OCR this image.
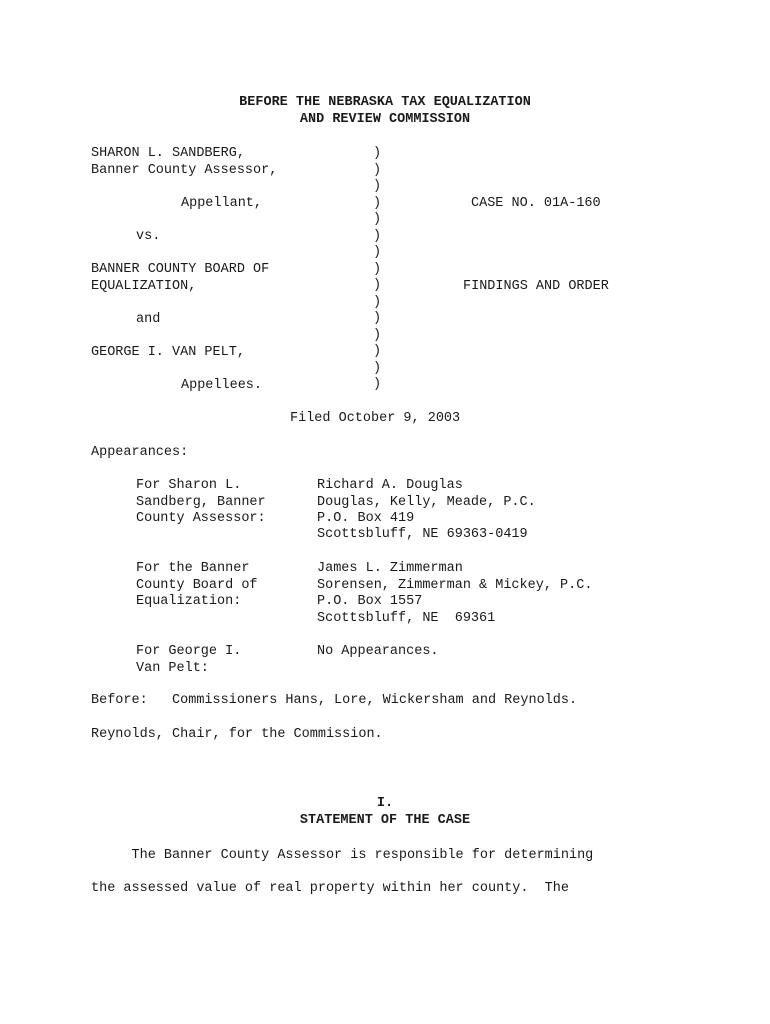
BEFORE THE NEBRASKA TAX EQUALIZATION
AND REVIEW COMMISSION
SHARON L. SANDBERG,
Banner County Assessor,
Appellant,
vs.
BANNER COUNTY BOARD OF
EQUALIZATION,
and
GEORGE I. VAN PELT,
Appellees.
)
)
)
)
)
)
)
)
)
)
)
)
)
)
)
CASE NO. 01A-160
FINDINGS AND ORDER
Filed October 9, 2003
Appearances:
For Sharon L.
Sandberg, Banner
County Assessor:
Richard A. Douglas
Douglas, Kelly, Meade, P.C.
P.O. Box 419
Scottsbluff, NE 69363-0419
For the Banner
County Board of
Equalization:
James L. Zimmerman
Sorensen, Zimmerman & Mickey, P.C.
P.O. Box 1557
Scottsbluff, NE  69361
For George I.
Van Pelt:
No Appearances.
Before:   Commissioners Hans, Lore, Wickersham and Reynolds.
Reynolds, Chair, for the Commission.
I.
STATEMENT OF THE CASE
The Banner County Assessor is responsible for determining
the assessed value of real property within her county.  The
